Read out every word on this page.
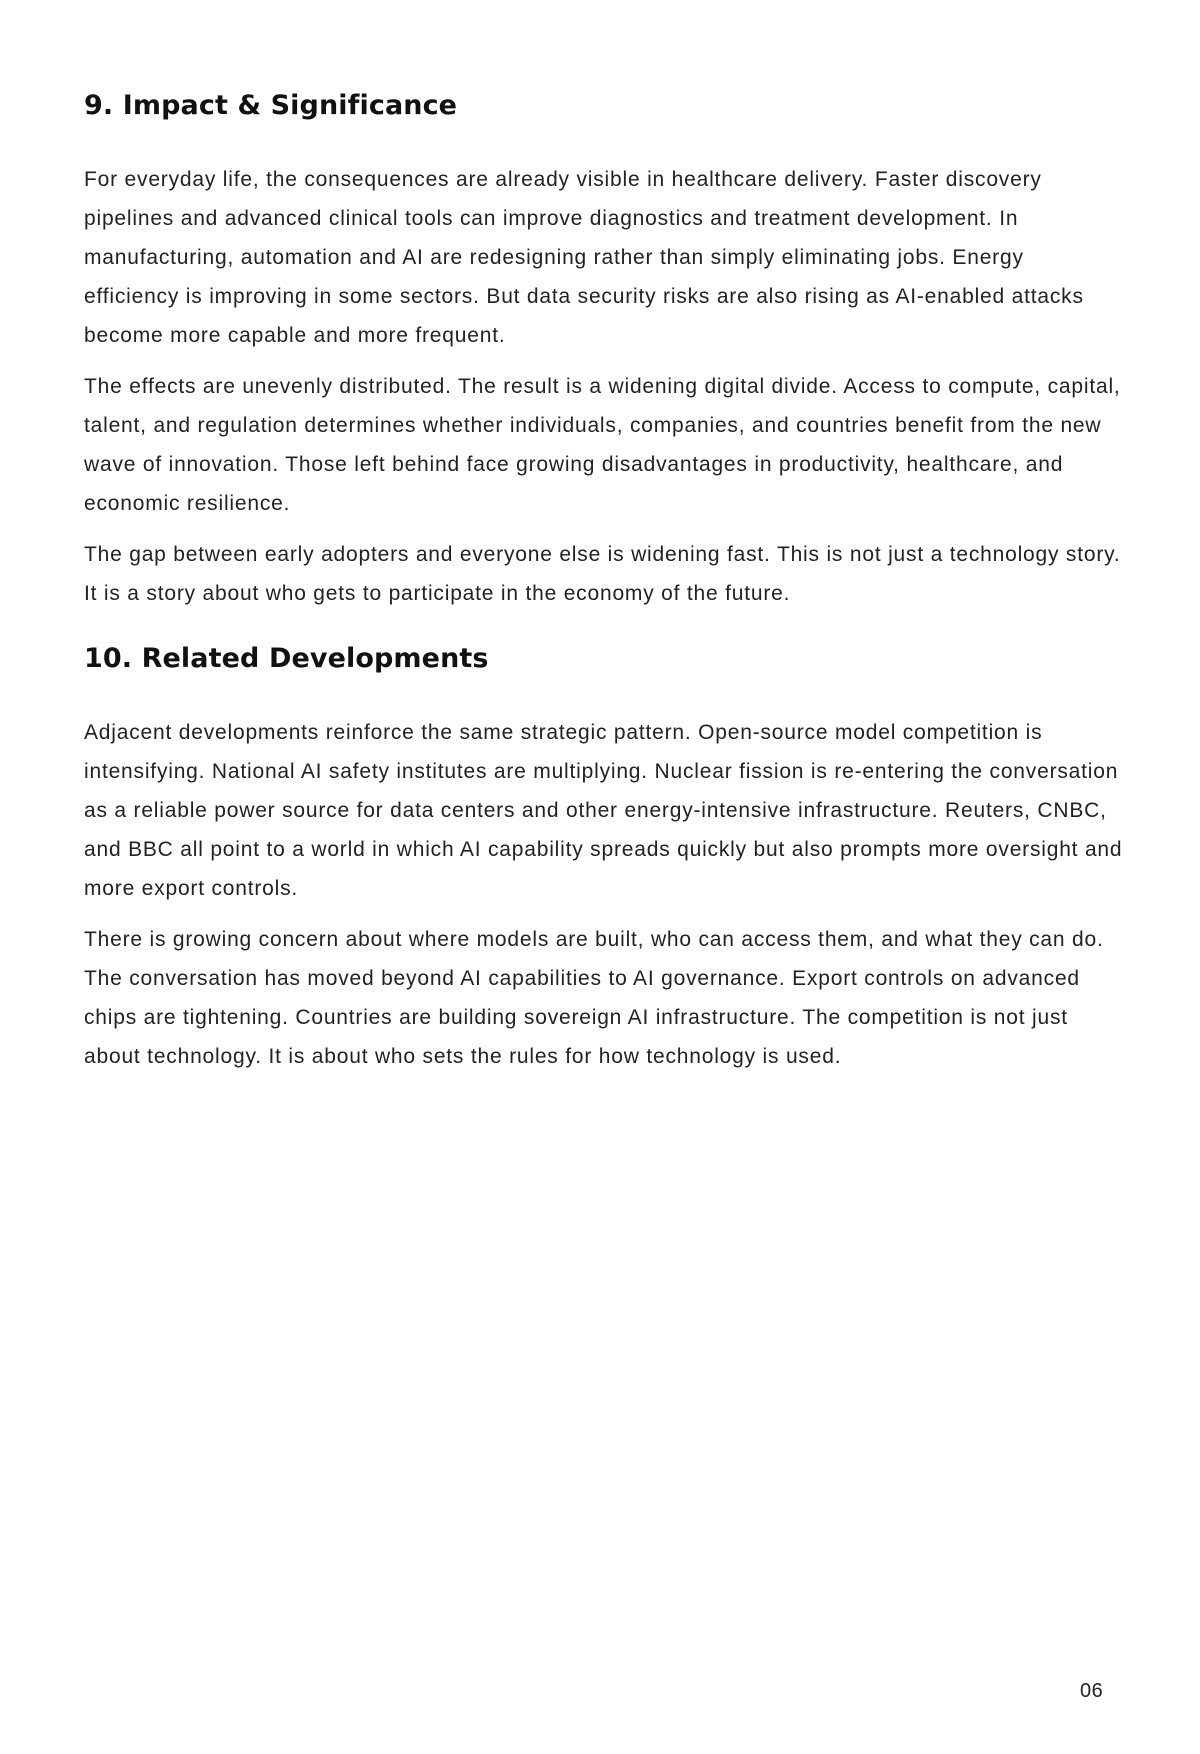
9. Impact & Significance

For everyday life, the consequences are already visible in healthcare delivery. Faster discovery pipelines and advanced clinical tools can improve diagnostics and treatment development. In manufacturing, automation and AI are redesigning rather than simply eliminating jobs. Energy efficiency is improving in some sectors. But data security risks are also rising as AI-enabled attacks become more capable and more frequent.

The effects are unevenly distributed. The result is a widening digital divide. Access to compute, capital, talent, and regulation determines whether individuals, companies, and countries benefit from the new wave of innovation. Those left behind face growing disadvantages in productivity, healthcare, and economic resilience.

The gap between early adopters and everyone else is widening fast. This is not just a technology story. It is a story about who gets to participate in the economy of the future.

10. Related Developments

Adjacent developments reinforce the same strategic pattern. Open-source model competition is intensifying. National AI safety institutes are multiplying. Nuclear fission is re-entering the conversation as a reliable power source for data centers and other energy-intensive infrastructure. Reuters, CNBC, and BBC all point to a world in which AI capability spreads quickly but also prompts more oversight and more export controls.

There is growing concern about where models are built, who can access them, and what they can do. The conversation has moved beyond AI capabilities to AI governance. Export controls on advanced chips are tightening. Countries are building sovereign AI infrastructure. The competition is not just about technology. It is about who sets the rules for how technology is used.

06
